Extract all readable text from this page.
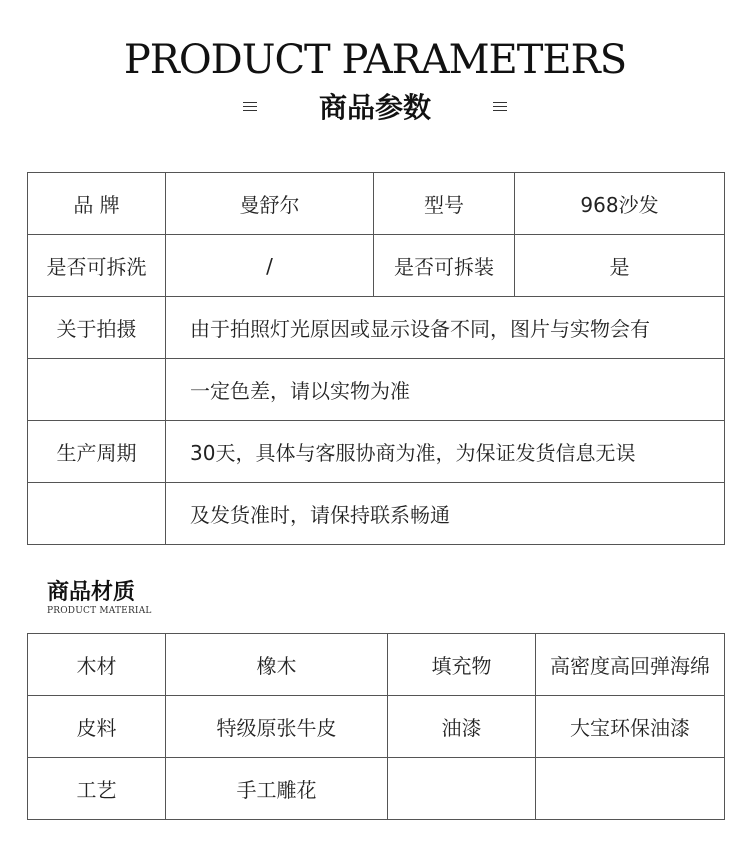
PRODUCT PARAMETERS
商品参数
品 牌	曼舒尔	型号	968沙发
是否可拆洗	/	是否可拆装	是
关于拍摄	由于拍照灯光原因或显示设备不同，图片与实物会有		
	一定色差，请以实物为准		
生产周期	30天，具体与客服协商为准，为保证发货信息无误		
	及发货准时，请保持联系畅通		
商品材质
PRODUCT MATERIAL
木材	橡木	填充物	高密度高回弹海绵
皮料	特级原张牛皮	油漆	大宝环保油漆
工艺	手工雕花		
